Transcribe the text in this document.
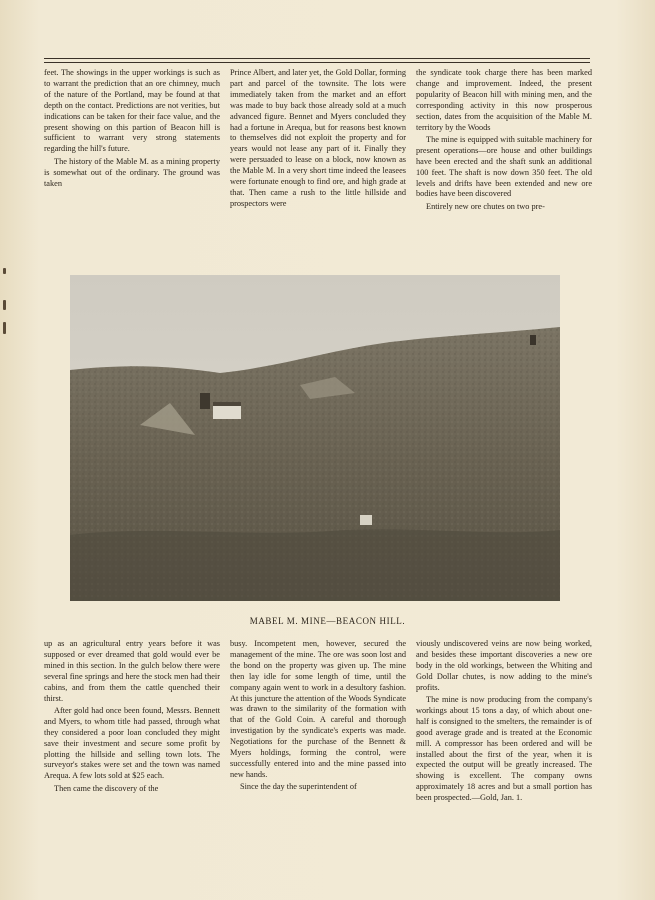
feet. The showings in the upper workings is such as to warrant the prediction that an ore chimney, much of the nature of the Portland, may be found at that depth on the contact. Predictions are not verities, but indications can be taken for their face value, and the present showing on this partion of Beacon hill is sufficient to warrant very strong statements regarding the hill's future.

The history of the Mable M. as a mining property is somewhat out of the ordinary. The ground was taken

Prince Albert, and later yet, the Gold Dollar, forming part and parcel of the townsite. The lots were immediately taken from the market and an effort was made to buy back those already sold at a much advanced figure. Bennet and Myers concluded they had a fortune in Arequa, but for reasons best known to themselves did not exploit the property and for years would not lease any part of it. Finally they were persuaded to lease on a block, now known as the Mable M. In a very short time indeed the leasees were fortunate enough to find ore, and high grade at that. Then came a rush to the little hillside and prospectors were

the syndicate took charge there has been marked change and improvement. Indeed, the present popularity of Beacon hill with mining men, and the corresponding activity in this now prosperous section, dates from the acquisition of the Mable M. territory by the Woods

The mine is equipped with suitable machinery for present operations—ore house and other buildings have been erected and the shaft sunk an additional 100 feet. The shaft is now down 350 feet. The old levels and drifts have been extended and new ore bodies have been discovered

Entirely new ore chutes on two pre-

MABEL M. MINE—BEACON HILL.

up as an agricultural entry years before it was supposed or ever dreamed that gold would ever be mined in this section. In the gulch below there were several fine springs and here the stock men had their cabins, and from them the cattle quenched their thirst.

After gold had once been found, Messrs. Bennett and Myers, to whom title had passed, through what they considered a poor loan concluded they might save their investment and secure some profit by plotting the hillside and selling town lots. The surveyor's stakes were set and the town was named Arequa. A few lots sold at $25 each.

Then came the discovery of the

busy. Incompetent men, however, secured the management of the mine. The ore was soon lost and the bond on the property was given up. The mine then lay idle for some length of time, until the company again went to work in a desultory fashion. At this juncture the attention of the Woods Syndicate was drawn to the similarity of the formation with that of the Gold Coin. A careful and thorough investigation by the syndicate's experts was made. Negotiations for the purchase of the Bennett & Myers holdings, forming the control, were successfully entered into and the mine passed into new hands.

Since the day the superintendent of

viously undiscovered veins are now being worked, and besides these important discoveries a new ore body in the old workings, between the Whiting and Gold Dollar chutes, is now adding to the mine's profits.

The mine is now producing from the company's workings about 15 tons a day, of which about one-half is consigned to the smelters, the remainder is of good average grade and is treated at the Economic mill. A compressor has been ordered and will be installed about the first of the year, when it is expected the output will be greatly increased. The showing is excellent. The company owns approximately 18 acres and but a small portion has been prospected.—Gold, Jan. 1.
